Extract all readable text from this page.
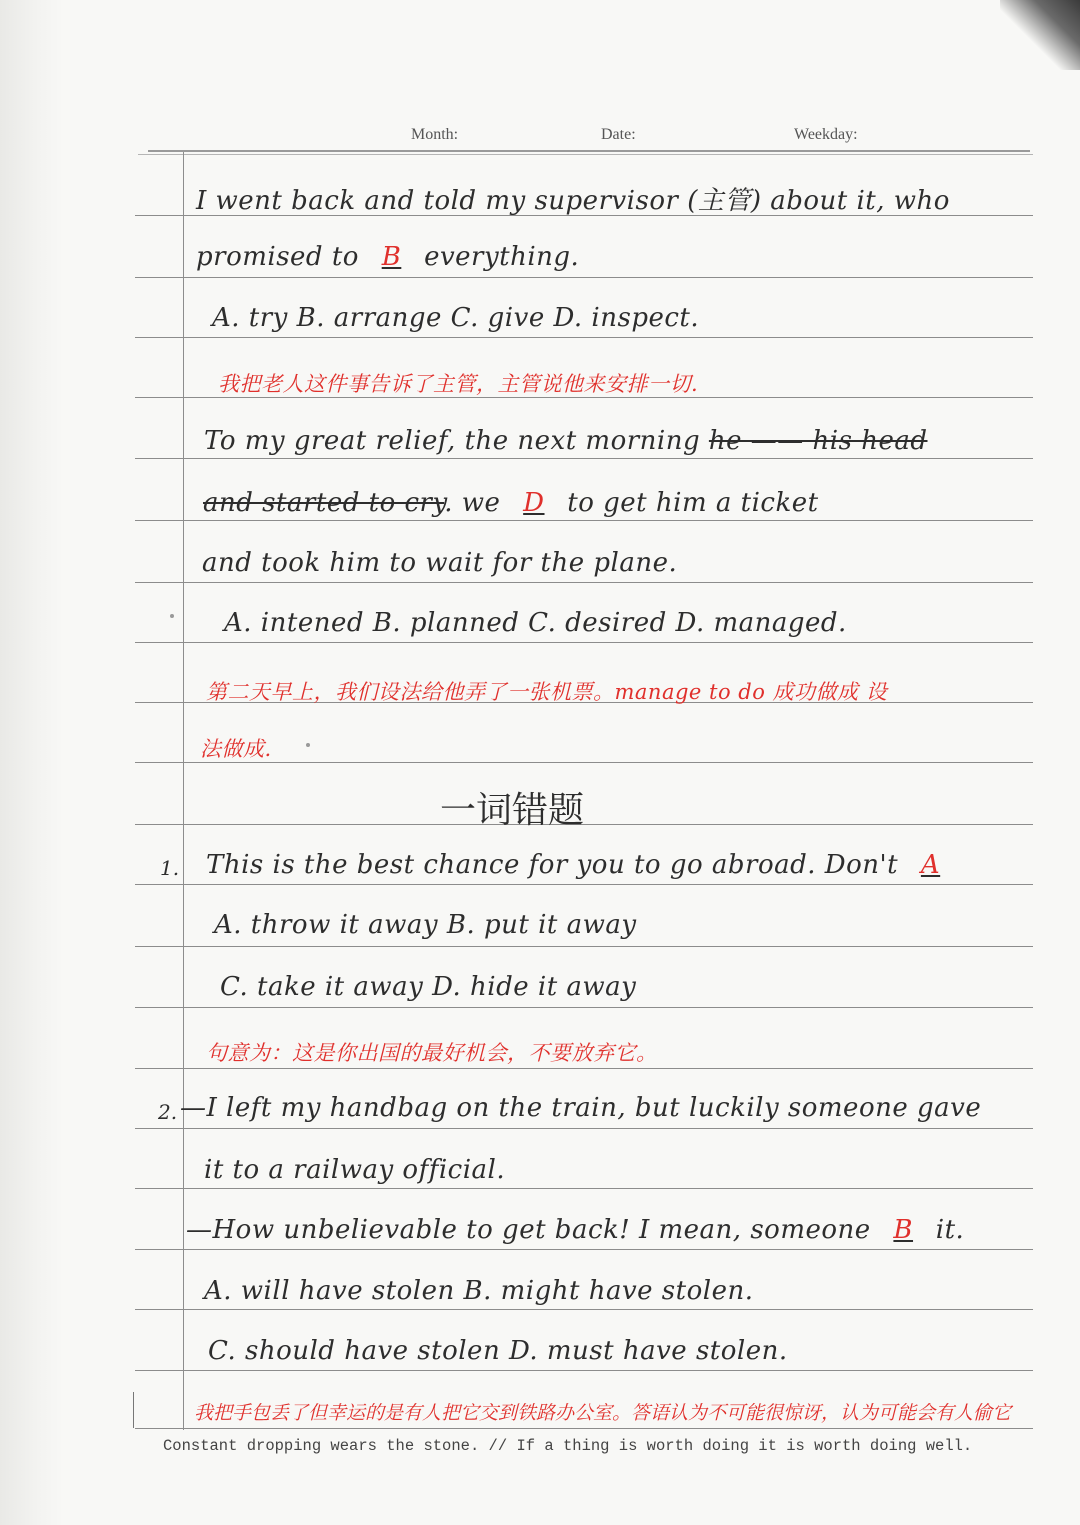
Month:	Date:	Weekday:
I went back and told my supervisor (主管) about it, who
promised to B everything.
A. try B. arrange C. give D. inspect.
我把老人这件事告诉了主管，主管说他来安排一切.
To my great relief, the next morning he —— his head
and started to cry. we D to get him a ticket
and took him to wait for the plane.
A. intened B. planned C. desired D. managed.
第二天早上，我们设法给他弄了一张机票。manage to do 成功做成 设
法做成.
一词错题
1. This is the best chance for you to go abroad. Don't A
A. throw it away B. put it away
C. take it away D. hide it away
句意为：这是你出国的最好机会，不要放弃它。
2. —I left my handbag on the train, but luckily someone gave
it to a railway official.
—How unbelievable to get back! I mean, someone B it.
A. will have stolen B. might have stolen.
C. should have stolen D. must have stolen.
我把手包丢了但幸运的是有人把它交到铁路办公室。答语认为不可能很惊讶，认为可能会有人偷它
Constant dropping wears the stone. // If a thing is worth doing it is worth doing well.
